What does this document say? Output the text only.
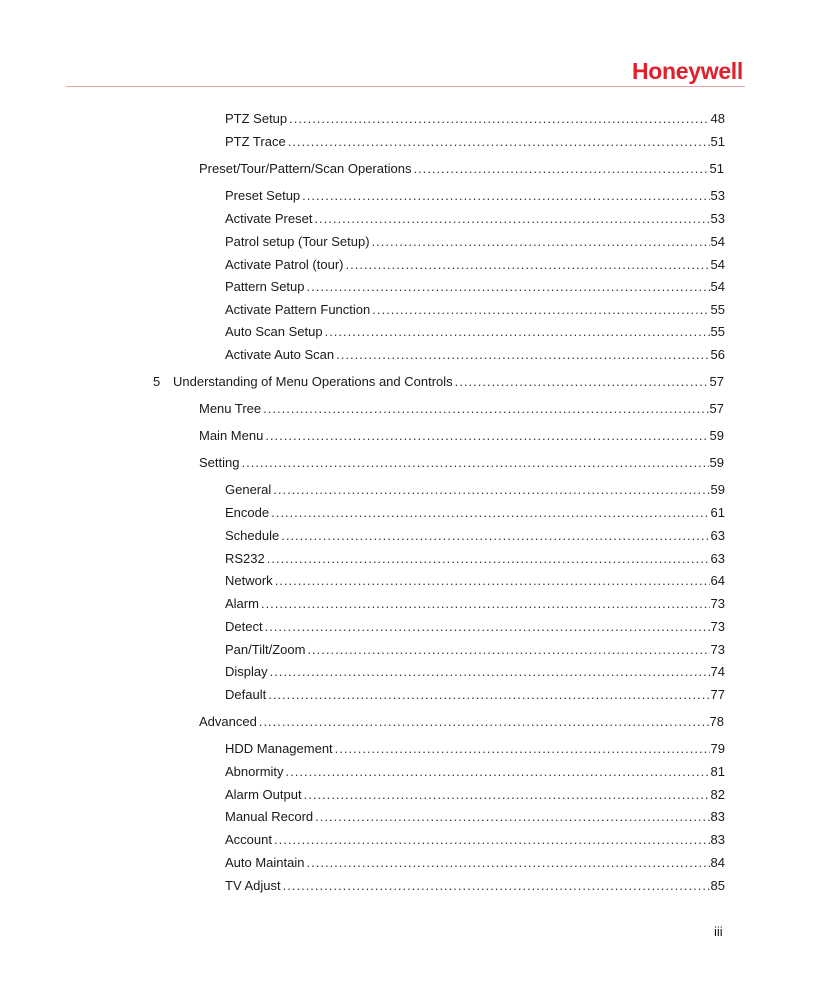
Honeywell
PTZ Setup .....	48
PTZ Trace .....	51
Preset/Tour/Pattern/Scan Operations .....	51
Preset Setup .....	53
Activate Preset .....	53
Patrol setup (Tour Setup) .....	54
Activate Patrol (tour) .....	54
Pattern Setup .....	54
Activate Pattern Function .....	55
Auto Scan Setup .....	55
Activate Auto Scan .....	56
5 Understanding of Menu Operations and Controls .....	57
Menu Tree .....	57
Main Menu .....	59
Setting .....	59
General .....	59
Encode .....	61
Schedule .....	63
RS232 .....	63
Network .....	64
Alarm .....	73
Detect .....	73
Pan/Tilt/Zoom .....	73
Display .....	74
Default .....	77
Advanced .....	78
HDD Management .....	79
Abnormity .....	81
Alarm Output .....	82
Manual Record .....	83
Account .....	83
Auto Maintain .....	84
TV Adjust .....	85
iii
